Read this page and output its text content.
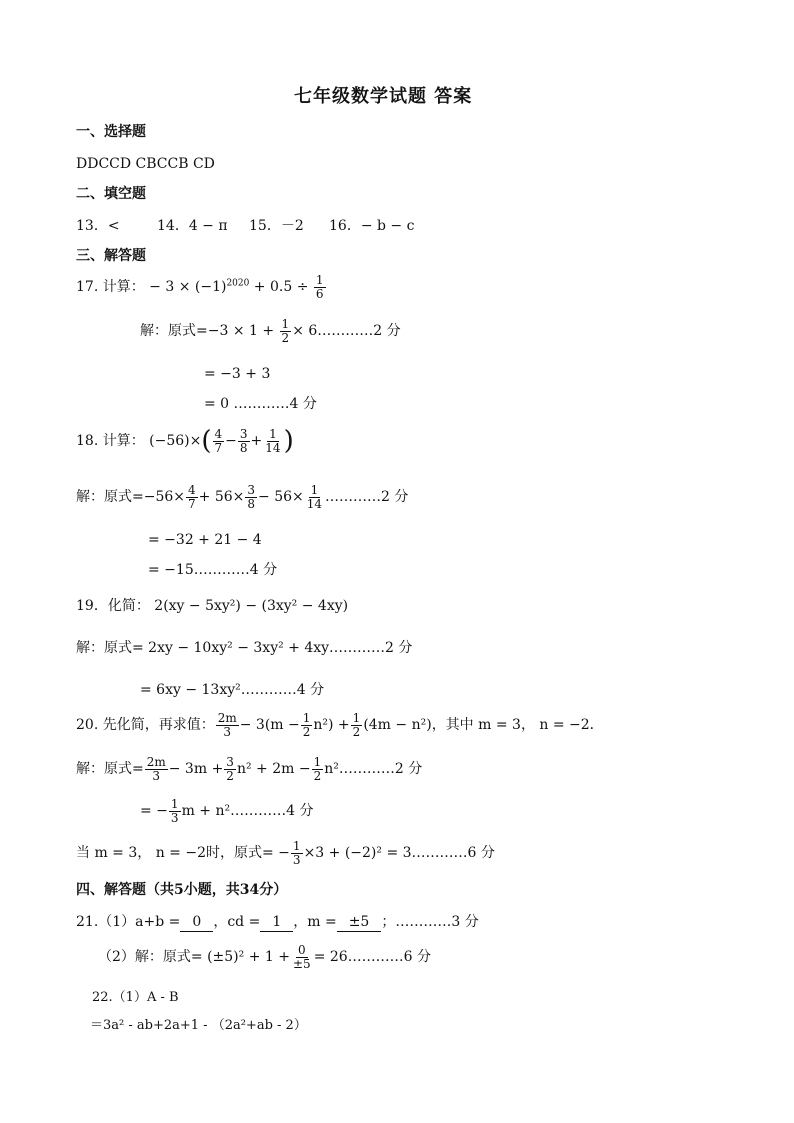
七年级数学试题 答案
一、选择题
DDCCD CBCCB CD
二、填空题
13．<	14．4 − π 15．－2 16．− b − c
三、解答题
17. 计算： − $3 \times (-1)^{2020} + 0.5 \div \frac{1}{6}$
解：原式$=-3 \times 1 + \frac{1}{2}$ × 6…………2 分
= −3 + 3
= 0 …………4 分
18. 计算： $(-56)\times( \frac{4}{7} - \frac{3}{8} + \frac{1}{14}$ )
解：原式$=-56\times \frac{4}{7} + 56\times \frac{3}{8} - 56\times \frac{1}{14}$ …………2 分
= −32 + 21 − 4
= −15…………4 分
19．化简： 2(xy − 5xy²) − (3xy² − 4xy)
解：原式= 2xy − 10xy² − 3xy² + 4xy…………2 分
= 6xy − 13xy²…………4 分
20. 先化简，再求值： $\frac{2m}{3} - 3(m - \frac{1}{2} n^2) + \frac{1}{2} (4m - n^2)$，其中 m = 3， n = −2．
解：原式= $\frac{2m}{3} - 3m + \frac{3}{2} n^2 + 2m - \frac{1}{2}$ n²…………2 分
= − $\frac{1}{3}$ m + n²…………4 分
当 m = 3， n = −2时，原式= − $\frac{1}{3} \times 3 + (-2)^2$ = 3…………6 分
四、解答题（共5小题，共34分）
21.（1）a+b = 0 ，cd = 1 ，m = ±5 ；…………3 分
（2）解：原式= $(\pm 5)^2 + 1 + \frac{0}{\pm 5}$ = 26…………6 分
22.（1）A - B
＝3a² - ab+2a+1 - （2a²+ab - 2）
